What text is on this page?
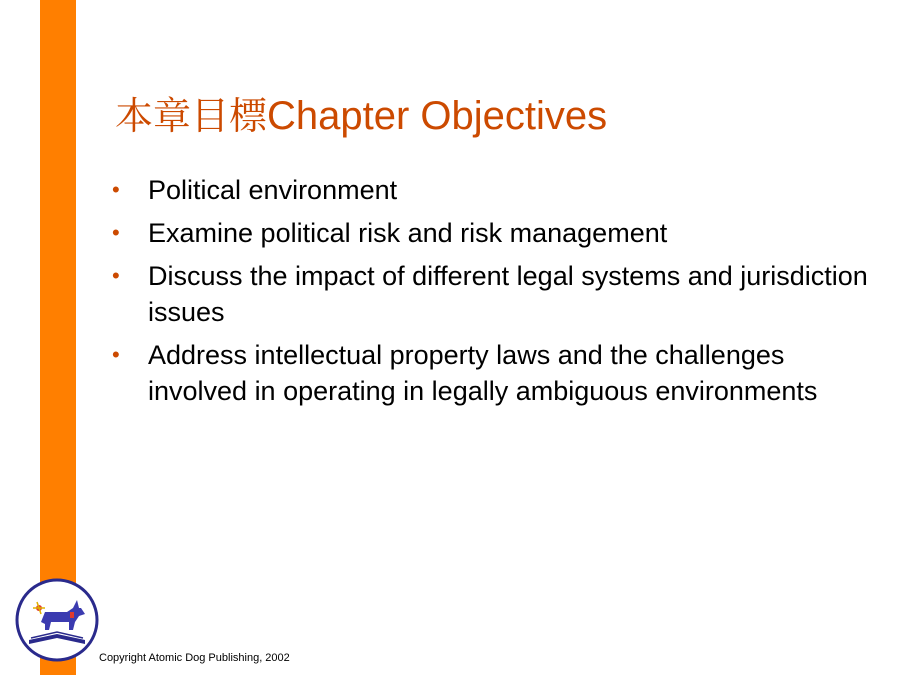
本章目標Chapter Objectives
• Political environment
• Examine political risk and risk management
• Discuss the impact of different legal systems and jurisdiction issues
• Address intellectual property laws and the challenges involved in operating in legally ambiguous environments
Copyright Atomic Dog Publishing, 2002
